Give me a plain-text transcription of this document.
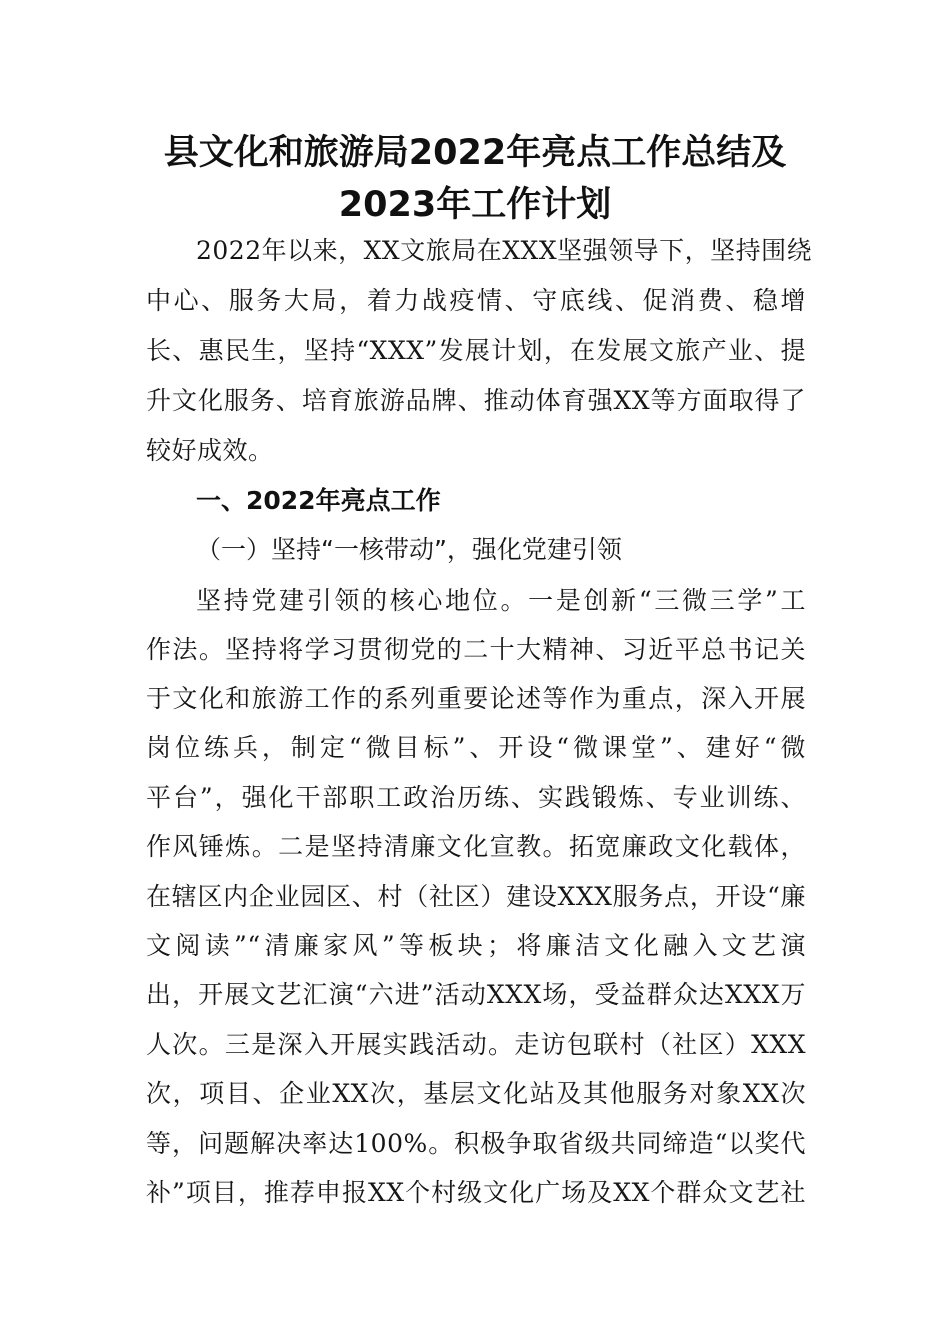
县文化和旅游局2022年亮点工作总结及
2023年工作计划
2022年以来，XX文旅局在XXX坚强领导下，坚持围绕
中心、服务大局，着力战疫情、守底线、促消费、稳增
长、惠民生，坚持“XXX”发展计划，在发展文旅产业、提
升文化服务、培育旅游品牌、推动体育强XX等方面取得了
较好成效。
一、2022年亮点工作
（一）坚持“一核带动”，强化党建引领
坚持党建引领的核心地位。一是创新“三微三学”工
作法。坚持将学习贯彻党的二十大精神、习近平总书记关
于文化和旅游工作的系列重要论述等作为重点，深入开展
岗位练兵，制定“微目标”、开设“微课堂”、建好“微
平台”，强化干部职工政治历练、实践锻炼、专业训练、
作风锤炼。二是坚持清廉文化宣教。拓宽廉政文化载体，
在辖区内企业园区、村（社区）建设XXX服务点，开设“廉
文阅读”“清廉家风”等板块；将廉洁文化融入文艺演
出，开展文艺汇演“六进”活动XXX场，受益群众达XXX万
人次。三是深入开展实践活动。走访包联村（社区）XXX
次，项目、企业XX次，基层文化站及其他服务对象XX次
等，问题解决率达100%。积极争取省级共同缔造“以奖代
补”项目，推荐申报XX个村级文化广场及XX个群众文艺社
